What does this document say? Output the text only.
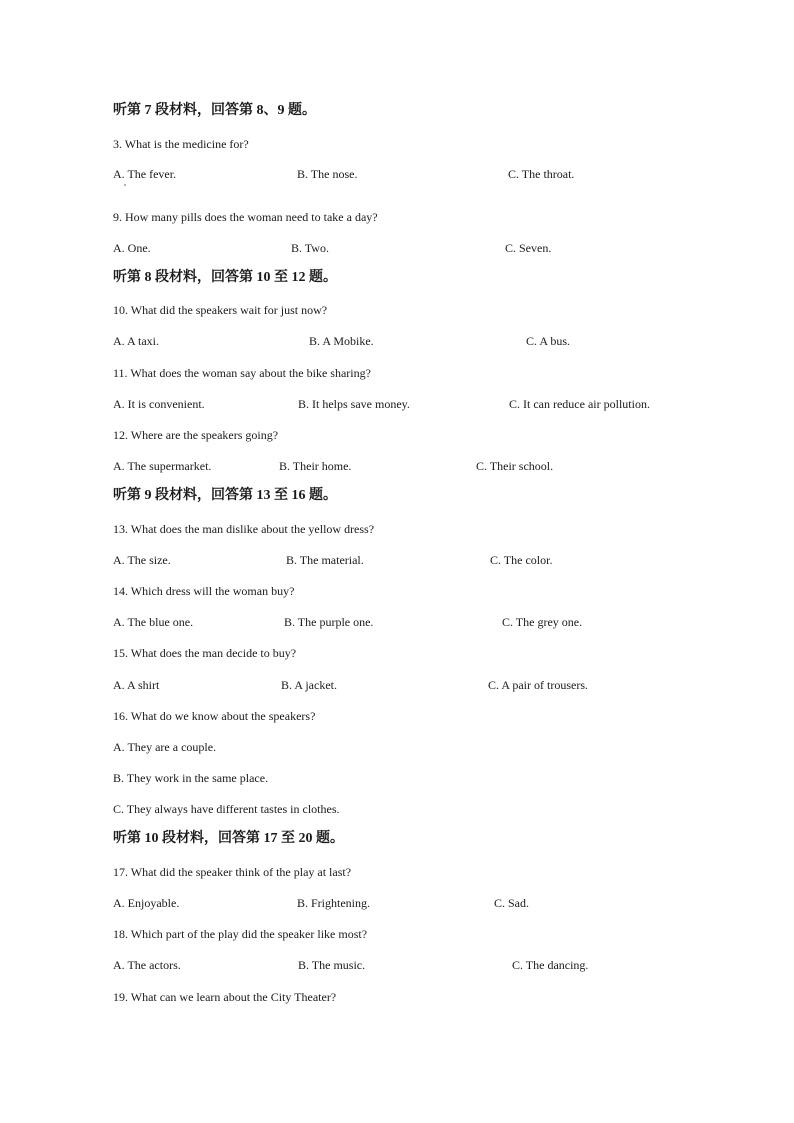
听第 7 段材料，回答第 8、9 题。
3. What is the medicine for?
A. The fever.	B. The nose.	C. The throat.
9. How many pills does the woman need to take a day?
A. One.	B. Two.	C. Seven.
听第 8 段材料，回答第 10 至 12 题。
10. What did the speakers wait for just now?
A. A taxi.	B. A Mobike.	C. A bus.
11. What does the woman say about the bike sharing?
A. It is convenient.	B. It helps save money.	C. It can reduce air pollution.
12. Where are the speakers going?
A. The supermarket.	B. Their home.	C. Their school.
听第 9 段材料，回答第 13 至 16 题。
13. What does the man dislike about the yellow dress?
A. The size.	B. The material.	C. The color.
14. Which dress will the woman buy?
A. The blue one.	B. The purple one.	C. The grey one.
15. What does the man decide to buy?
A. A shirt	B. A jacket.	C. A pair of trousers.
16. What do we know about the speakers?
A. They are a couple.
B. They work in the same place.
C. They always have different tastes in clothes.
听第 10 段材料，回答第 17 至 20 题。
17. What did the speaker think of the play at last?
A. Enjoyable.	B. Frightening.	C. Sad.
18. Which part of the play did the speaker like most?
A. The actors.	B. The music.	C. The dancing.
19. What can we learn about the City Theater?
